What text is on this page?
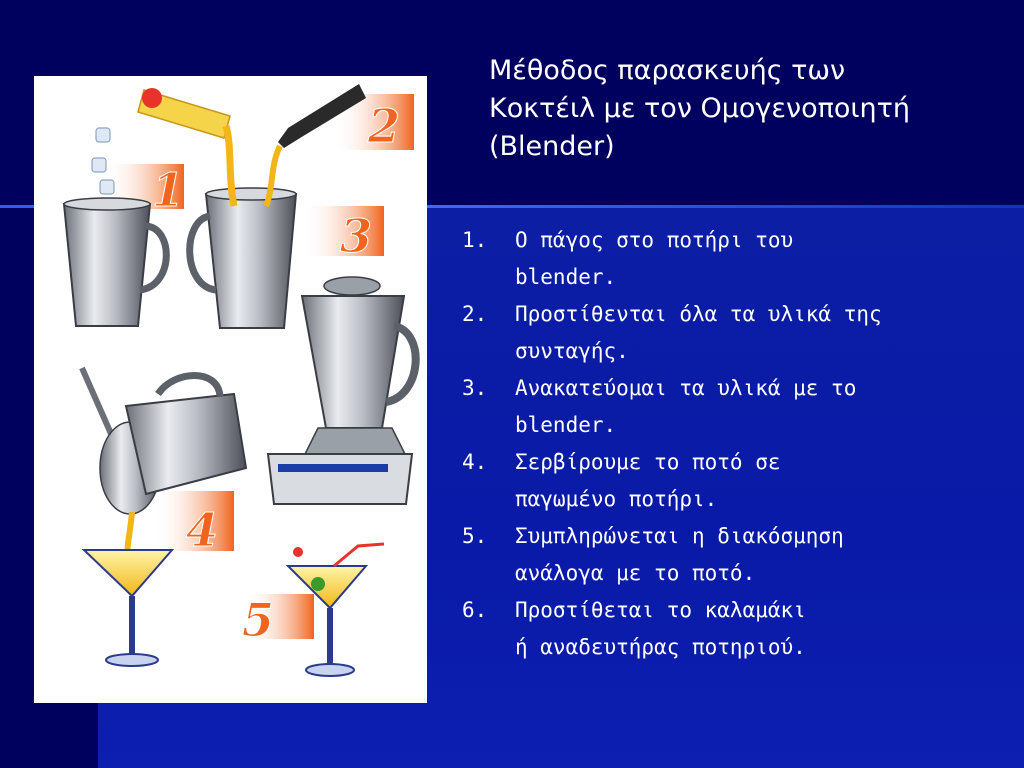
Μέθοδος παρασκευής των
Κοκτέιλ με τον Ομογενοποιητή
(Blender)
1
2
3
4
5
1.	Ο πάγος στο ποτήρι του
blender.
2.	Προστίθενται όλα τα υλικά της
συνταγής.
3.	Ανακατεύομαι τα υλικά με το
blender.
4.	Σερβίρουμε το ποτό σε
παγωμένο ποτήρι.
5.	Συμπληρώνεται η διακόσμηση
ανάλογα με το ποτό.
6.	Προστίθεται το καλαμάκι
ή αναδευτήρας ποτηριού.
